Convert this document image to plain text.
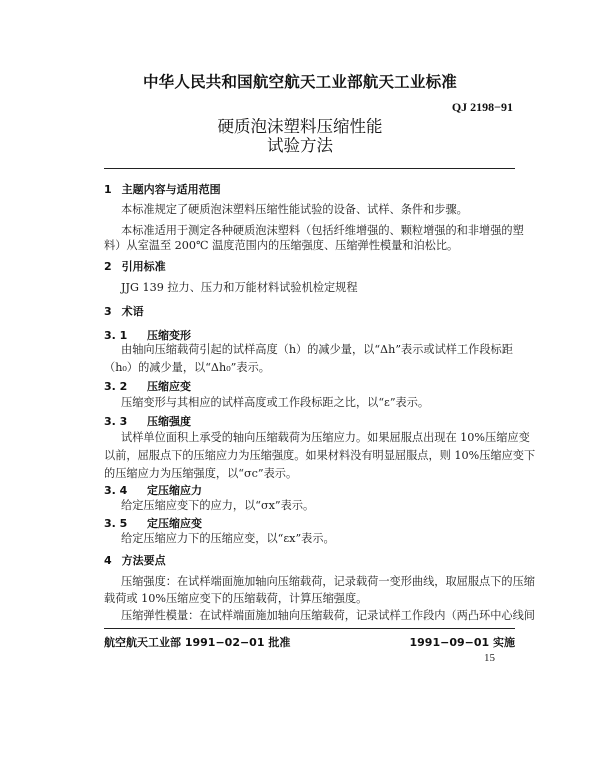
中华人民共和国航空航天工业部航天工业标准
QJ 2198−91
硬质泡沫塑料压缩性能
试验方法
1 主题内容与适用范围
本标准规定了硬质泡沫塑料压缩性能试验的设备、试样、条件和步骤。
本标准适用于测定各种硬质泡沫塑料（包括纤维增强的、颗粒增强的和非增强的塑
料）从室温至 200℃ 温度范围内的压缩强度、压缩弹性模量和泊松比。
2 引用标准
JJG 139 拉力、压力和万能材料试验机检定规程
3 术语
3. 1 压缩变形
由轴向压缩载荷引起的试样高度（h）的减少量，以“Δh”表示或试样工作段标距
（h₀）的减少量，以“Δh₀”表示。
3. 2 压缩应变
压缩变形与其相应的试样高度或工作段标距之比，以“ε”表示。
3. 3 压缩强度
试样单位面积上承受的轴向压缩载荷为压缩应力。如果屈服点出现在 10%压缩应变
以前，屈服点下的压缩应力为压缩强度。如果材料没有明显屈服点，则 10%压缩应变下
的压缩应力为压缩强度，以“σc”表示。
3. 4 定压缩应力
给定压缩应变下的应力，以“σx”表示。
3. 5 定压缩应变
给定压缩应力下的压缩应变，以“εx”表示。
4 方法要点
压缩强度：在试样端面施加轴向压缩载荷，记录载荷一变形曲线，取屈服点下的压缩
载荷或 10%压缩应变下的压缩载荷，计算压缩强度。
压缩弹性模量：在试样端面施加轴向压缩载荷，记录试样工作段内（两凸环中心线间
航空航天工业部 1991−02−01 批准	1991−09−01 实施
15
